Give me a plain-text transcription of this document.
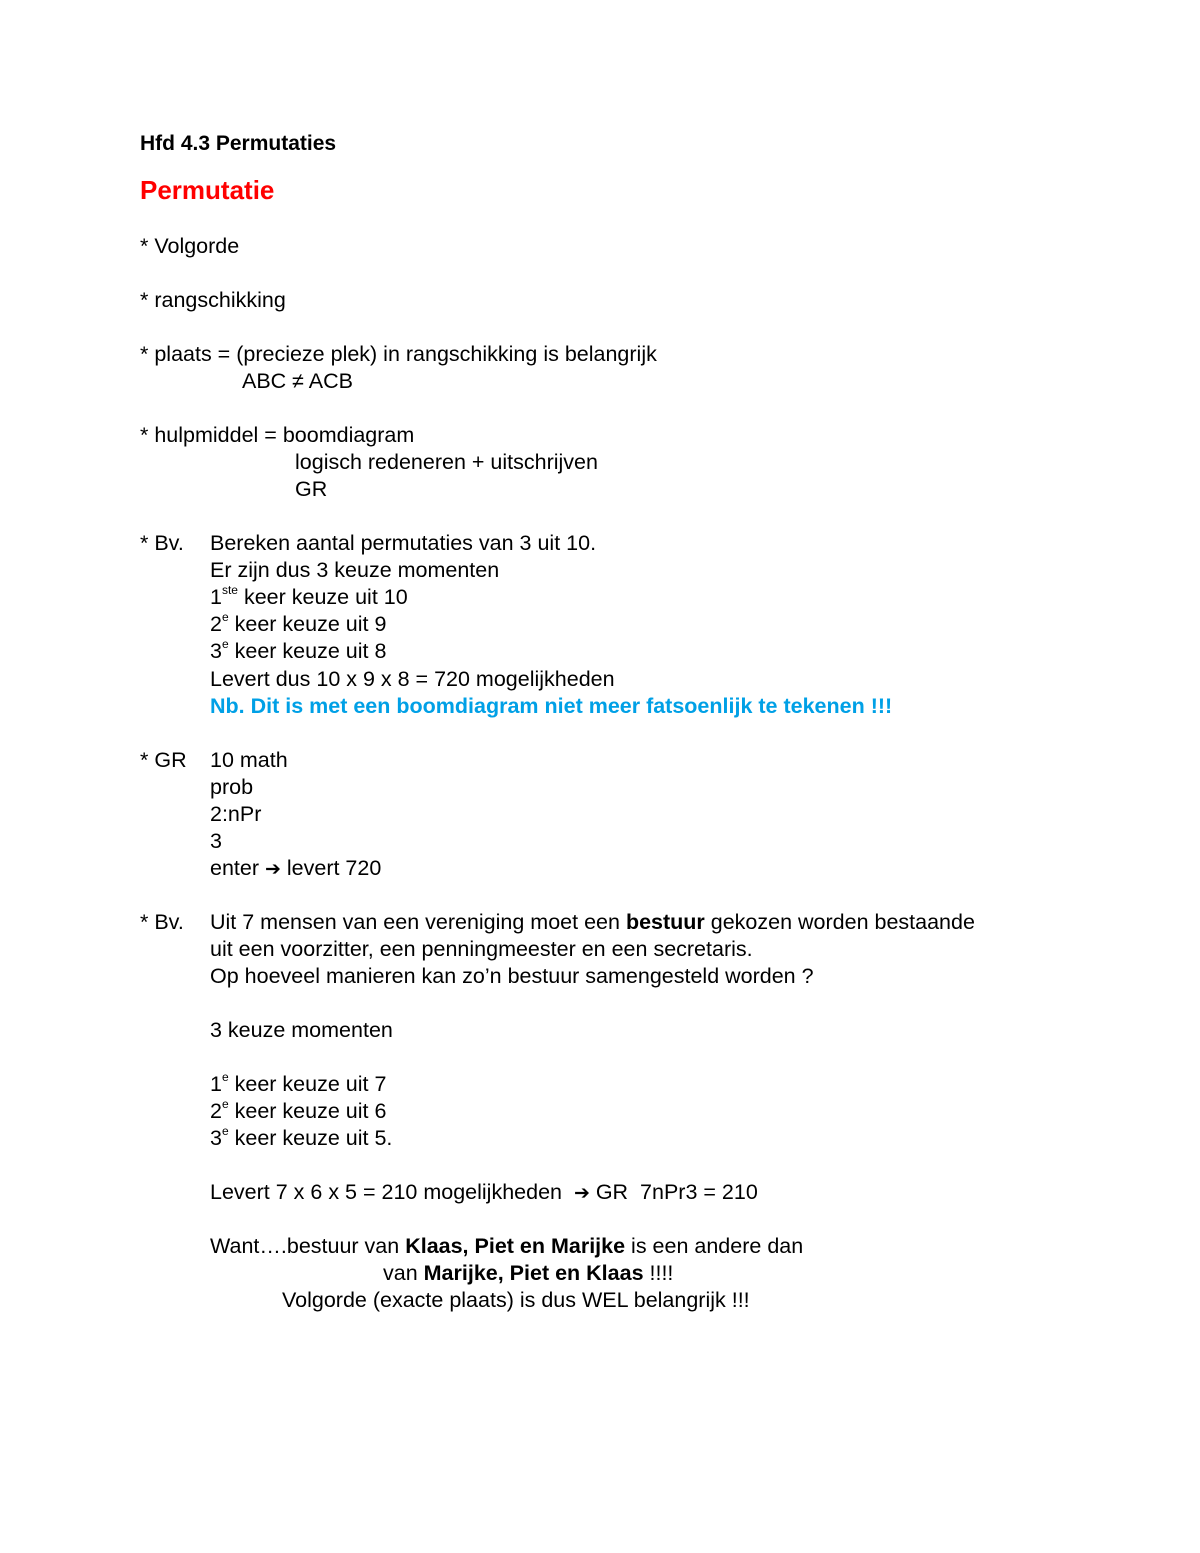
Hfd 4.3 Permutaties
Permutatie
* Volgorde
* rangschikking
* plaats = (precieze plek) in rangschikking is belangrijk
ABC ≠ ACB
* hulpmiddel = boomdiagram
logisch redeneren + uitschrijven
GR
* Bv. Bereken aantal permutaties van 3 uit 10.
Er zijn dus 3 keuze momenten
1ste keer keuze uit 10
2e keer keuze uit 9
3e keer keuze uit 8
Levert dus 10 x 9 x 8 = 720 mogelijkheden
Nb. Dit is met een boomdiagram niet meer fatsoenlijk te tekenen !!!
* GR 10 math
prob
2:nPr
3
enter ➔ levert 720
* Bv. Uit 7 mensen van een vereniging moet een bestuur gekozen worden bestaande
uit een voorzitter, een penningmeester en een secretaris.
Op hoeveel manieren kan zo’n bestuur samengesteld worden ?
3 keuze momenten
1e keer keuze uit 7
2e keer keuze uit 6
3e keer keuze uit 5.
Levert 7 x 6 x 5 = 210 mogelijkheden  ➔ GR  7nPr3 = 210
Want….bestuur van Klaas, Piet en Marijke is een andere dan
van Marijke, Piet en Klaas !!!!
Volgorde (exacte plaats) is dus WEL belangrijk !!!
